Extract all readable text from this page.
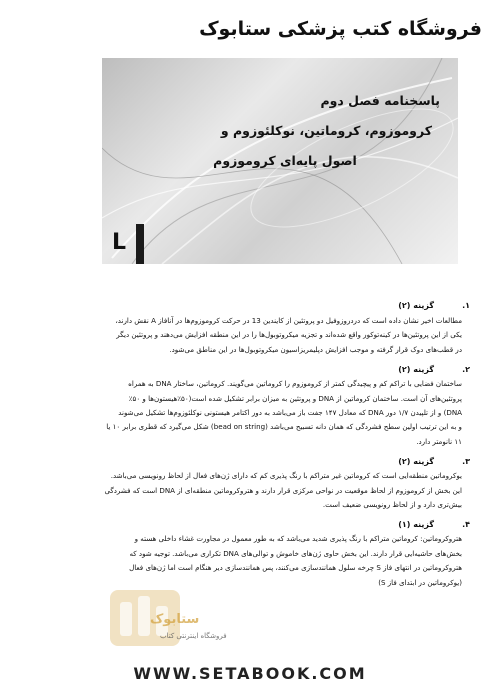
فروشگاه کتب پزشکی ستابوک
پاسخنامه فصل دوم
کروموزوم، کروماتین، نوکلئوزوم و
اصول پایه‌ای کروموزوم
L
۱.
گزینه (۲)

مطالعات اخیر نشان داده است که دردروزوفیل دو پروتئین از کایندین 13 در حرکت کروموزوم‌ها در آنافاز A نقش دارند،

یکی از این پروتئین‌ها در کینه‌توکور واقع شده‌اند و تجزیه میکروتوبول‌ها را در این منطقه افزایش می‌دهند و پروتئین دیگر

در قطب‌های دوک قرار گرفته و موجب افزایش دپلیمریزاسیون میکروتوبول‌ها در این مناطق می‌شود.

۲.
گزینه (۲)

ساختمان فضایی با تراکم کم و پیچیدگی کمتر از کروموزوم را کروماتین می‌گویند. کروماتین، ساختار DNA به همراه

پروتئین‌های آن است. ساختمان کروماتین از DNA و پروتئین به میزان برابر تشکیل شده است(۵۰٪هیستون‌ها و ۵۰٪

DNA) و از تلپیدن ۱/۷ دور DNA که معادل ۱۴۷ جفت باز می‌باشد به دور اکتامر هیستونی نوکلئوزوم‌ها تشکیل می‌شوند

و به این ترتیب اولین سطح فشردگی که همان دانه تسبیح می‌باشد (bead on string) شکل می‌گیرد که قطری برابر ۱۰ یا

۱۱ نانومتر دارد.

۳.
گزینه (۲)

یوکروماتین منطقه‌ایی است که کروماتین غیر متراکم با رنگ پذیری کم که دارای ژن‌های فعال از لحاظ رونویسی می‌باشد.

این بخش از کروموزوم از لحاظ موقعیت در نواحی مرکزی قرار دارند و هتروکروماتین منطقه‌ای از DNA است که فشردگی

بیش‌تری دارد و از لحاظ رونویسی ضعیف است.

۴.
گزینه (۱)

هتروکروماتین: کروماتین متراکم با رنگ پذیری شدید می‌باشد که به طور معمول در مجاورت غشاء داخلی هسته و

بخش‌های حاشیه‌ایی قرار دارند. این بخش حاوی ژن‌های خاموش و توالی‌های DNA تکراری می‌باشد. توجیه شود که

هتروکروماتین در انتهای فاز S چرخه سلول همانندسازی می‌کنند، پس همانندسازی دیر هنگام است اما ژن‌های فعال

(یوکروماتین در ابتدای فاز S)

ستابوک
فروشگاه اینترنتی کتاب
WWW.SETABOOK.COM
